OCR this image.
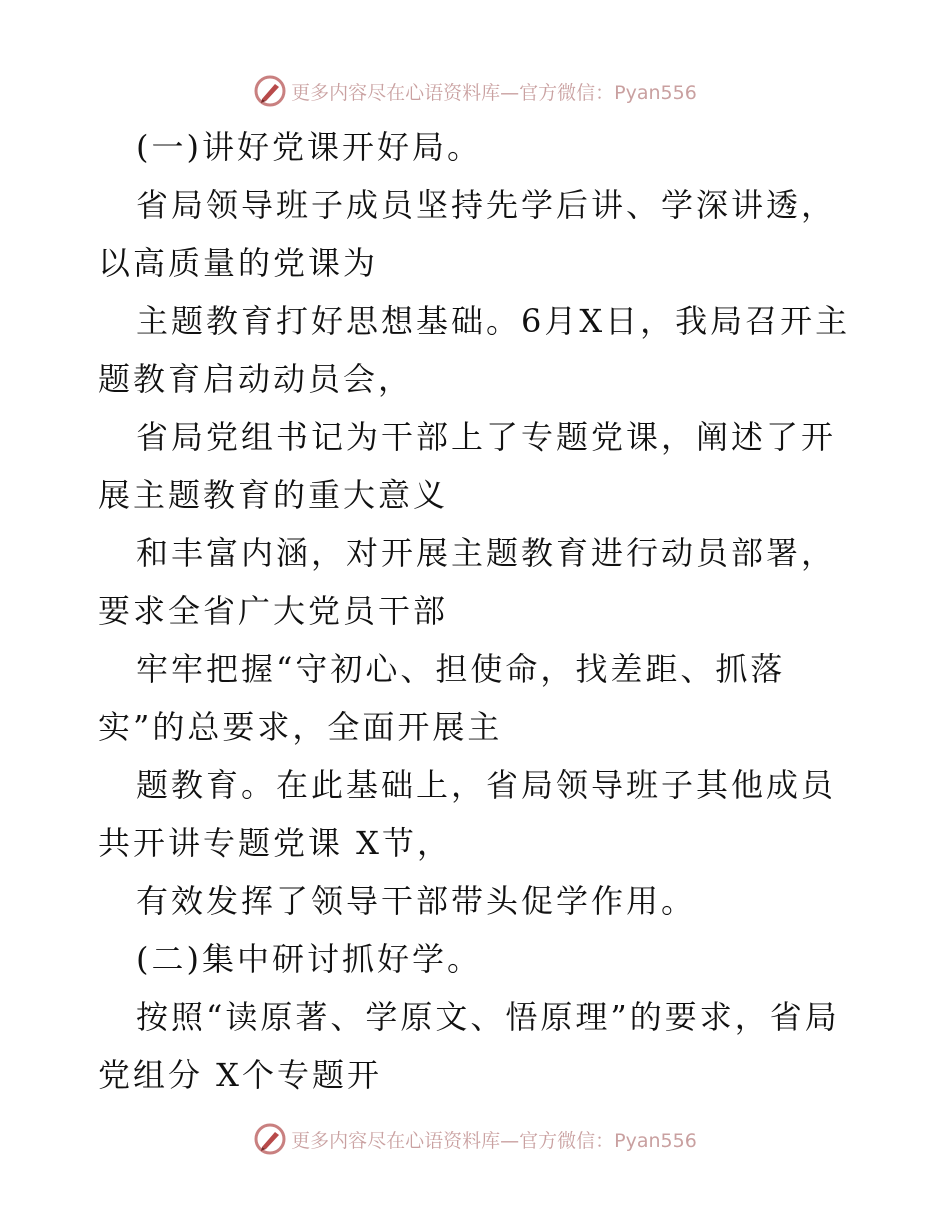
更多内容尽在心语资料库—官方微信：Pyan556

(一)讲好党课开好局。

省局领导班子成员坚持先学后讲、学深讲透，以高质量的党课为

主题教育打好思想基础。6月X日，我局召开主题教育启动动员会，

省局党组书记为干部上了专题党课，阐述了开展主题教育的重大意义

和丰富内涵，对开展主题教育进行动员部署，要求全省广大党员干部

牢牢把握“守初心、担使命，找差距、抓落实”的总要求，全面开展主

题教育。在此基础上，省局领导班子其他成员共开讲专题党课 X节，

有效发挥了领导干部带头促学作用。

(二)集中研讨抓好学。

按照“读原著、学原文、悟原理”的要求，省局党组分 X个专题开

更多内容尽在心语资料库—官方微信：Pyan556
